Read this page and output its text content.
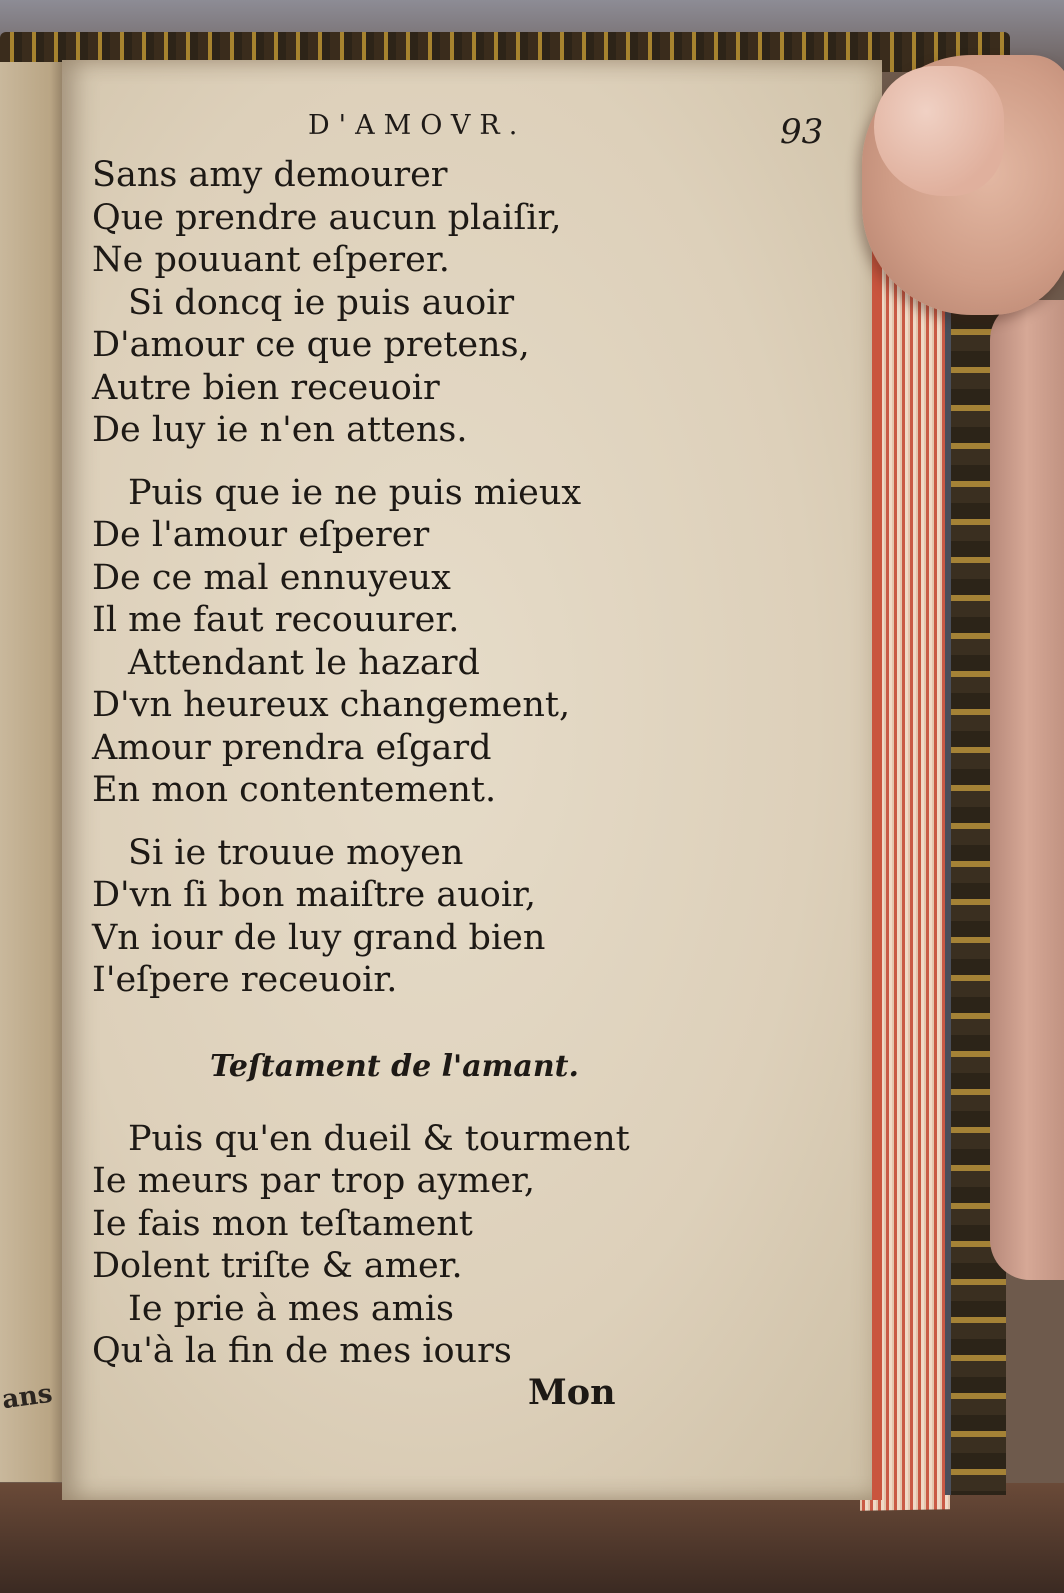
ans
D'AMOVR.	93
Sans amy demourer
Que prendre aucun plaiſir,
Ne pouuant eſperer.
Si doncq ie puis auoir
D'amour ce que pretens,
Autre bien receuoir
De luy ie n'en attens.
Puis que ie ne puis mieux
De l'amour eſperer
De ce mal ennuyeux
Il me faut recouurer.
Attendant le hazard
D'vn heureux changement,
Amour prendra eſgard
En mon contentement.
Si ie trouue moyen
D'vn ſi bon maiſtre auoir,
Vn iour de luy grand bien
I'eſpere receuoir.
Teſtament de l'amant.
Puis qu'en dueil & tourment
Ie meurs par trop aymer,
Ie fais mon teſtament
Dolent triſte & amer.
Ie prie à mes amis
Qu'à la fin de mes iours
Mon
